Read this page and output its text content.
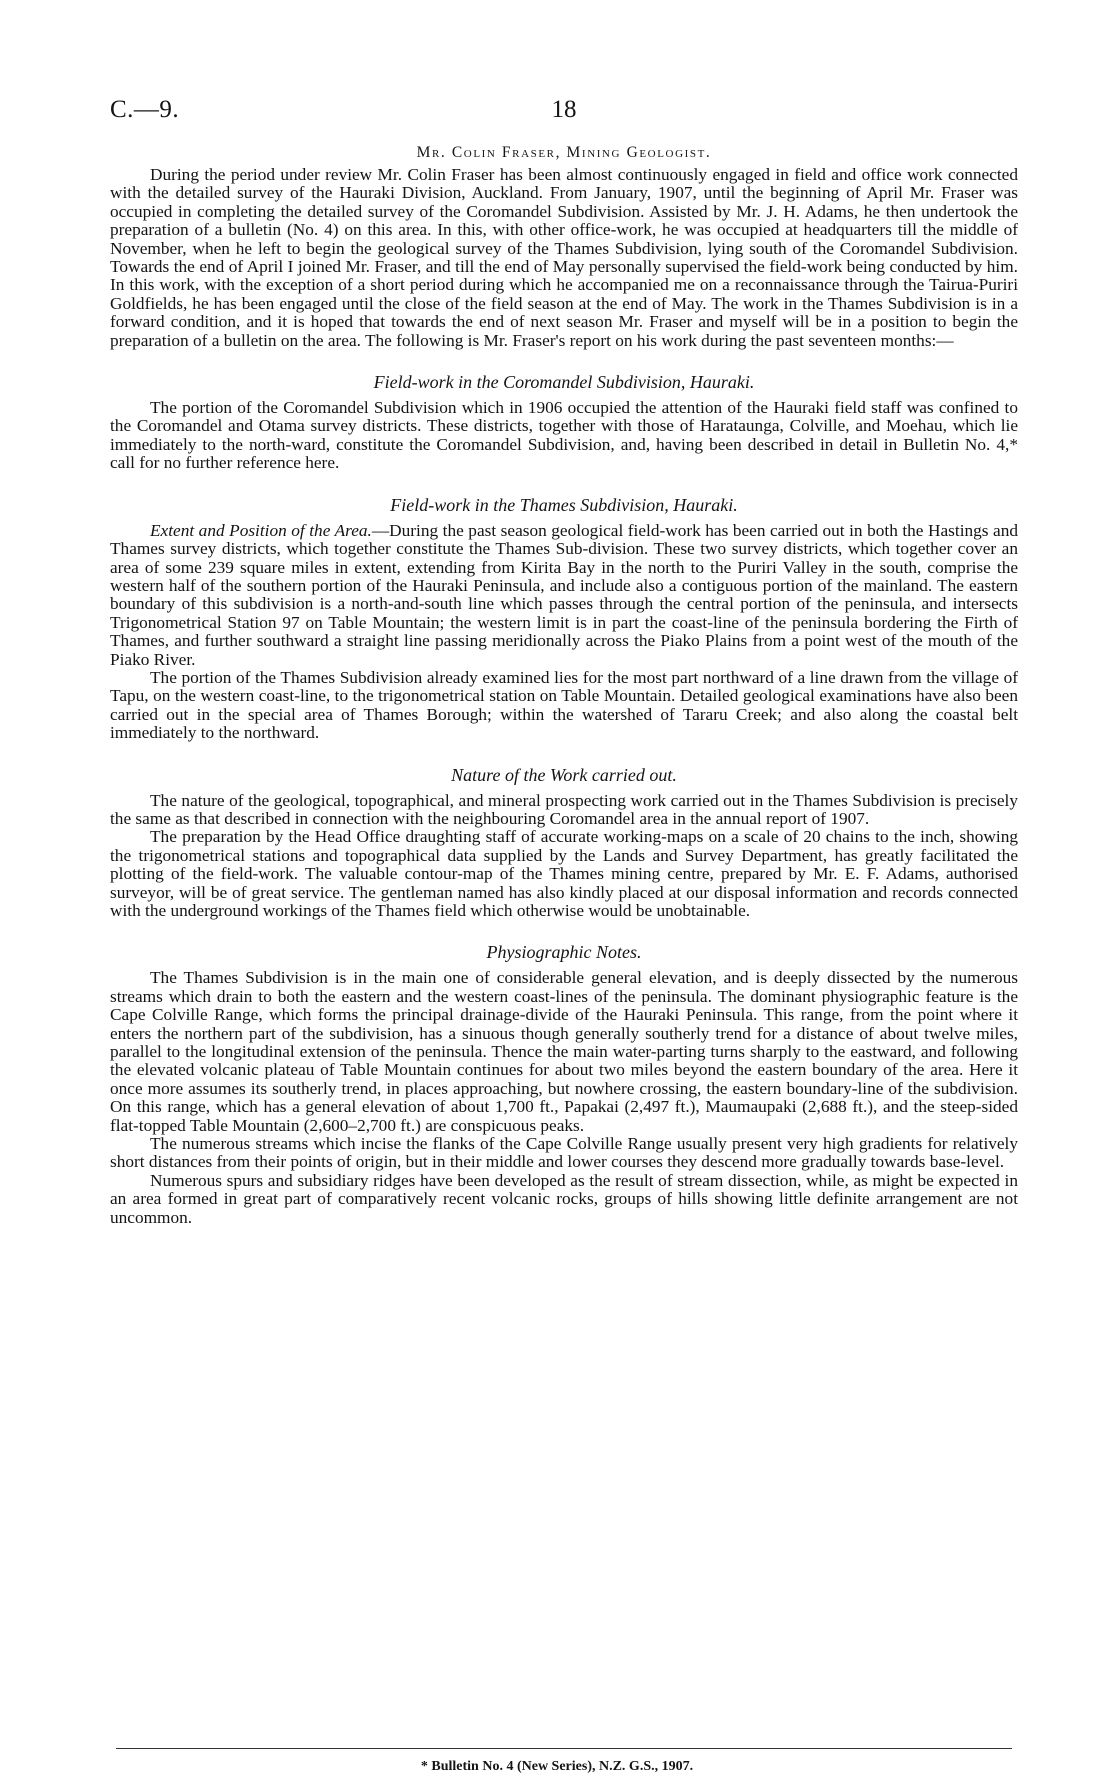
C.—9.	18
Mr. Colin Fraser, Mining Geologist.

During the period under review Mr. Colin Fraser has been almost continuously engaged in field and office work connected with the detailed survey of the Hauraki Division, Auckland. From January, 1907, until the beginning of April Mr. Fraser was occupied in completing the detailed survey of the Coromandel Subdivision. Assisted by Mr. J. H. Adams, he then undertook the preparation of a bulletin (No. 4) on this area. In this, with other office-work, he was occupied at headquarters till the middle of November, when he left to begin the geological survey of the Thames Subdivision, lying south of the Coromandel Subdivision. Towards the end of April I joined Mr. Fraser, and till the end of May personally supervised the field-work being conducted by him. In this work, with the exception of a short period during which he accompanied me on a reconnaissance through the Tairua-Puriri Goldfields, he has been engaged until the close of the field season at the end of May. The work in the Thames Subdivision is in a forward condition, and it is hoped that towards the end of next season Mr. Fraser and myself will be in a position to begin the preparation of a bulletin on the area. The following is Mr. Fraser's report on his work during the past seventeen months:—

Field-work in the Coromandel Subdivision, Hauraki.

The portion of the Coromandel Subdivision which in 1906 occupied the attention of the Hauraki field staff was confined to the Coromandel and Otama survey districts. These districts, together with those of Harataunga, Colville, and Moehau, which lie immediately to the north-ward, constitute the Coromandel Subdivision, and, having been described in detail in Bulletin No. 4,* call for no further reference here.

Field-work in the Thames Subdivision, Hauraki.

Extent and Position of the Area.—During the past season geological field-work has been carried out in both the Hastings and Thames survey districts, which together constitute the Thames Sub-division. These two survey districts, which together cover an area of some 239 square miles in extent, extending from Kirita Bay in the north to the Puriri Valley in the south, comprise the western half of the southern portion of the Hauraki Peninsula, and include also a contiguous portion of the mainland. The eastern boundary of this subdivision is a north-and-south line which passes through the central portion of the peninsula, and intersects Trigonometrical Station 97 on Table Mountain; the western limit is in part the coast-line of the peninsula bordering the Firth of Thames, and further southward a straight line passing meridionally across the Piako Plains from a point west of the mouth of the Piako River.

The portion of the Thames Subdivision already examined lies for the most part northward of a line drawn from the village of Tapu, on the western coast-line, to the trigonometrical station on Table Mountain. Detailed geological examinations have also been carried out in the special area of Thames Borough; within the watershed of Tararu Creek; and also along the coastal belt immediately to the northward.

Nature of the Work carried out.

The nature of the geological, topographical, and mineral prospecting work carried out in the Thames Subdivision is precisely the same as that described in connection with the neighbouring Coromandel area in the annual report of 1907.

The preparation by the Head Office draughting staff of accurate working-maps on a scale of 20 chains to the inch, showing the trigonometrical stations and topographical data supplied by the Lands and Survey Department, has greatly facilitated the plotting of the field-work. The valuable contour-map of the Thames mining centre, prepared by Mr. E. F. Adams, authorised surveyor, will be of great service. The gentleman named has also kindly placed at our disposal information and records connected with the underground workings of the Thames field which otherwise would be unobtainable.

Physiographic Notes.

The Thames Subdivision is in the main one of considerable general elevation, and is deeply dissected by the numerous streams which drain to both the eastern and the western coast-lines of the peninsula. The dominant physiographic feature is the Cape Colville Range, which forms the principal drainage-divide of the Hauraki Peninsula. This range, from the point where it enters the northern part of the subdivision, has a sinuous though generally southerly trend for a distance of about twelve miles, parallel to the longitudinal extension of the peninsula. Thence the main water-parting turns sharply to the eastward, and following the elevated volcanic plateau of Table Mountain continues for about two miles beyond the eastern boundary of the area. Here it once more assumes its southerly trend, in places approaching, but nowhere crossing, the eastern boundary-line of the subdivision. On this range, which has a general elevation of about 1,700 ft., Papakai (2,497 ft.), Maumaupaki (2,688 ft.), and the steep-sided flat-topped Table Mountain (2,600–2,700 ft.) are conspicuous peaks.

The numerous streams which incise the flanks of the Cape Colville Range usually present very high gradients for relatively short distances from their points of origin, but in their middle and lower courses they descend more gradually towards base-level.

Numerous spurs and subsidiary ridges have been developed as the result of stream dissection, while, as might be expected in an area formed in great part of comparatively recent volcanic rocks, groups of hills showing little definite arrangement are not uncommon.

* Bulletin No. 4 (New Series), N.Z. G.S., 1907.
